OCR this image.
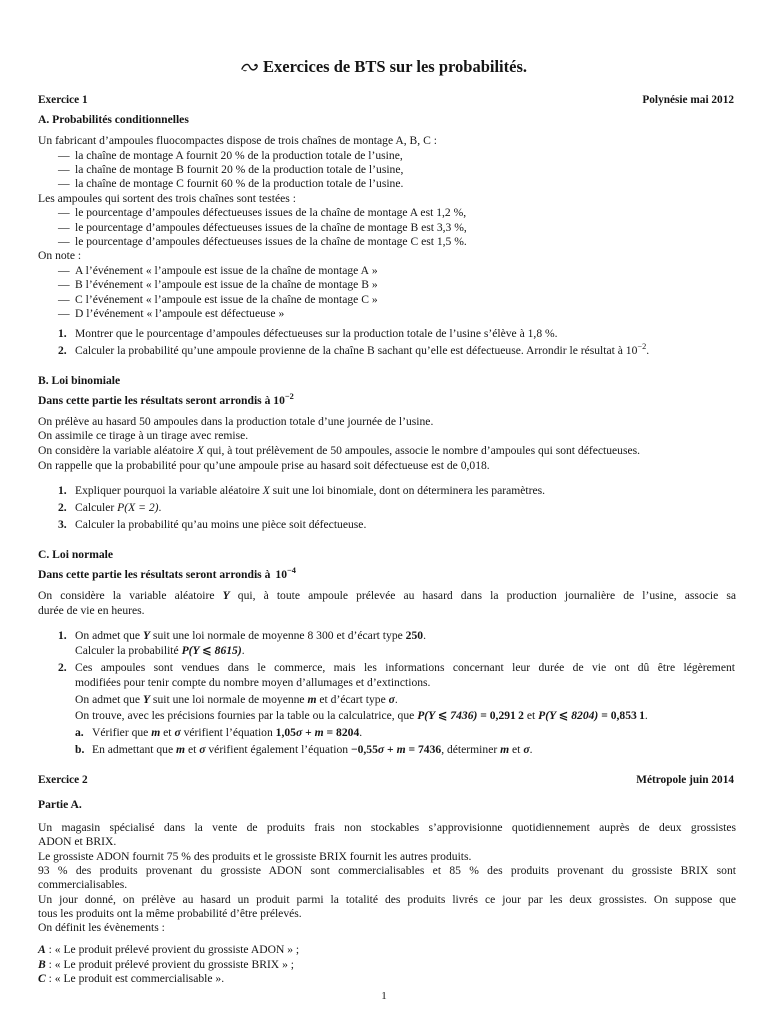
Exercices de BTS sur les probabilités.
Exercice 1	Polynésie mai 2012
A. Probabilités conditionnelles
Un fabricant d’ampoules fluocompactes dispose de trois chaînes de montage A, B, C :
— la chaîne de montage A fournit 20 % de la production totale de l’usine,
— la chaîne de montage B fournit 20 % de la production totale de l’usine,
— la chaîne de montage C fournit 60 % de la production totale de l’usine.
Les ampoules qui sortent des trois chaînes sont testées :
— le pourcentage d’ampoules défectueuses issues de la chaîne de montage A est 1,2 %,
— le pourcentage d’ampoules défectueuses issues de la chaîne de montage B est 3,3 %,
— le pourcentage d’ampoules défectueuses issues de la chaîne de montage C est 1,5 %.
On note :
— A l’événement « l’ampoule est issue de la chaîne de montage A »
— B l’événement « l’ampoule est issue de la chaîne de montage B »
— C l’événement « l’ampoule est issue de la chaîne de montage C »
— D l’événement « l’ampoule est défectueuse »
1. Montrer que le pourcentage d’ampoules défectueuses sur la production totale de l’usine s’élève à 1,8 %.
2. Calculer la probabilité qu’une ampoule provienne de la chaîne B sachant qu’elle est défectueuse. Arrondir le résultat à $10^{-2}$.
B. Loi binomiale
Dans cette partie les résultats seront arrondis à $10^{-2}$
On prélève au hasard 50 ampoules dans la production totale d’une journée de l’usine.
On assimile ce tirage à un tirage avec remise.
On considère la variable aléatoire X qui, à tout prélèvement de 50 ampoules, associe le nombre d’ampoules qui sont défectueuses.
On rappelle que la probabilité pour qu’une ampoule prise au hasard soit défectueuse est de 0,018.
1. Expliquer pourquoi la variable aléatoire X suit une loi binomiale, dont on déterminera les paramètres.
2. Calculer P(X = 2).
3. Calculer la probabilité qu’au moins une pièce soit défectueuse.
C. Loi normale
Dans cette partie les résultats seront arrondis à $10^{-4}$
On considère la variable aléatoire Y qui, à toute ampoule prélevée au hasard dans la production journalière de l’usine, associe sa
durée de vie en heures.
1. On admet que Y suit une loi normale de moyenne 8 300 et d’écart type 250.
Calculer la probabilité P(Y ⩽ 8615).
2. Ces ampoules sont vendues dans le commerce, mais les informations concernant leur durée de vie ont dû être légèrement
modifiées pour tenir compte du nombre moyen d’allumages et d’extinctions.
On admet que Y suit une loi normale de moyenne m et d’écart type σ.
On trouve, avec les précisions fournies par la table ou la calculatrice, que P(Y ⩽ 7436) = 0,291 2 et P(Y ⩽ 8204) = 0,853 1.
a. Vérifier que m et σ vérifient l’équation 1,05σ + m = 8204.
b. En admettant que m et σ vérifient également l’équation −0,55σ + m = 7436, déterminer m et σ.
Exercice 2	Métropole juin 2014
Partie A.
Un magasin spécialisé dans la vente de produits frais non stockables s’approvisionne quotidiennement auprès de deux grossistes
ADON et BRIX.
Le grossiste ADON fournit 75 % des produits et le grossiste BRIX fournit les autres produits.
93 % des produits provenant du grossiste ADON sont commercialisables et 85 % des produits provenant du grossiste BRIX sont
commercialisables.
Un jour donné, on prélève au hasard un produit parmi la totalité des produits livrés ce jour par les deux grossistes. On suppose que
tous les produits ont la même probabilité d’être prélevés.
On définit les évènements :
A : « Le produit prélevé provient du grossiste ADON » ;
B : « Le produit prélevé provient du grossiste BRIX » ;
C : « Le produit est commercialisable ».
1
